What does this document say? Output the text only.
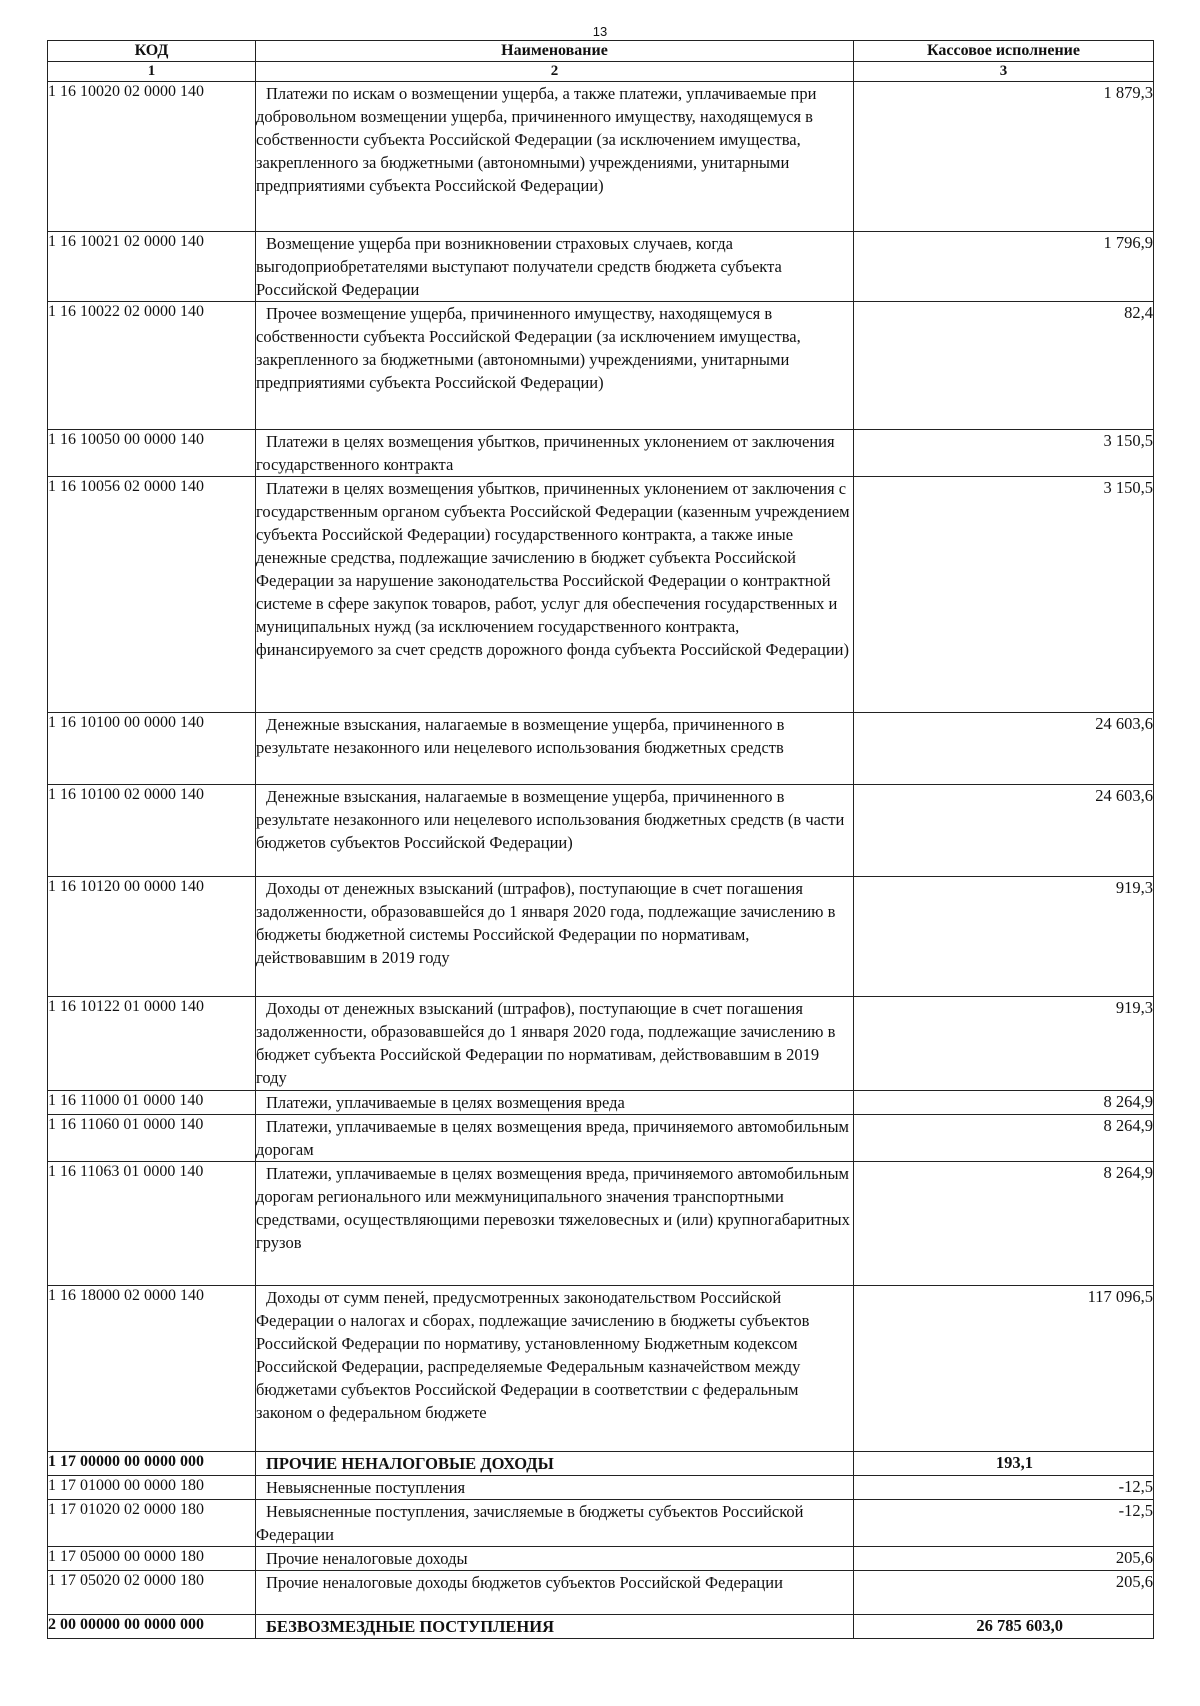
13
КОД	Наименование	Кассовое исполнение
1	2	3
1 16 10020 02 0000 140	Платежи по искам о возмещении ущерба, а также платежи, уплачиваемые при добровольном возмещении ущерба, причиненного имуществу, находящемуся в собственности субъекта Российской Федерации (за исключением имущества, закрепленного за бюджетными (автономными) учреждениями, унитарными предприятиями субъекта Российской Федерации)	1 879,3
1 16 10021 02 0000 140	Возмещение ущерба при возникновении страховых случаев, когда выгодоприобретателями выступают получатели средств бюджета субъекта Российской Федерации	1 796,9
1 16 10022 02 0000 140	Прочее возмещение ущерба, причиненного имуществу, находящемуся в собственности субъекта Российской Федерации (за исключением имущества, закрепленного за бюджетными (автономными) учреждениями, унитарными предприятиями субъекта Российской Федерации)	82,4
1 16 10050 00 0000 140	Платежи в целях возмещения убытков, причиненных уклонением от заключения государственного контракта	3 150,5
1 16 10056 02 0000 140	Платежи в целях возмещения убытков, причиненных уклонением от заключения с государственным органом субъекта Российской Федерации (казенным учреждением субъекта Российской Федерации) государственного контракта, а также иные денежные средства, подлежащие зачислению в бюджет субъекта Российской Федерации за нарушение законодательства Российской Федерации о контрактной системе в сфере закупок товаров, работ, услуг для обеспечения государственных и муниципальных нужд (за исключением государственного контракта, финансируемого за счет средств дорожного фонда субъекта Российской Федерации)	3 150,5
1 16 10100 00 0000 140	Денежные взыскания, налагаемые в возмещение ущерба, причиненного в результате незаконного или нецелевого использования бюджетных средств	24 603,6
1 16 10100 02 0000 140	Денежные взыскания, налагаемые в возмещение ущерба, причиненного в результате незаконного или нецелевого использования бюджетных средств (в части бюджетов субъектов Российской Федерации)	24 603,6
1 16 10120 00 0000 140	Доходы от денежных взысканий (штрафов), поступающие в счет погашения задолженности, образовавшейся до 1 января 2020 года, подлежащие зачислению в бюджеты бюджетной системы Российской Федерации по нормативам, действовавшим в 2019 году	919,3
1 16 10122 01 0000 140	Доходы от денежных взысканий (штрафов), поступающие в счет погашения задолженности, образовавшейся до 1 января 2020 года, подлежащие зачислению в бюджет субъекта Российской Федерации по нормативам, действовавшим в 2019 году	919,3
1 16 11000 01 0000 140	Платежи, уплачиваемые в целях возмещения вреда	8 264,9
1 16 11060 01 0000 140	Платежи, уплачиваемые в целях возмещения вреда, причиняемого автомобильным дорогам	8 264,9
1 16 11063 01 0000 140	Платежи, уплачиваемые в целях возмещения вреда, причиняемого автомобильным дорогам регионального или межмуниципального значения транспортными средствами, осуществляющими перевозки тяжеловесных и (или) крупногабаритных грузов	8 264,9
1 16 18000 02 0000 140	Доходы от сумм пеней, предусмотренных законодательством Российской Федерации о налогах и сборах, подлежащие зачислению в бюджеты субъектов Российской Федерации по нормативу, установленному Бюджетным кодексом Российской Федерации, распределяемые Федеральным казначейством между бюджетами субъектов Российской Федерации в соответствии с федеральным законом о федеральном бюджете	117 096,5
1 17 00000 00 0000 000	ПРОЧИЕ НЕНАЛОГОВЫЕ ДОХОДЫ	193,1
1 17 01000 00 0000 180	Невыясненные поступления	-12,5
1 17 01020 02 0000 180	Невыясненные поступления, зачисляемые в бюджеты субъектов Российской Федерации	-12,5
1 17 05000 00 0000 180	Прочие неналоговые доходы	205,6
1 17 05020 02 0000 180	Прочие неналоговые доходы бюджетов субъектов Российской Федерации	205,6
2 00 00000 00 0000 000	БЕЗВОЗМЕЗДНЫЕ ПОСТУПЛЕНИЯ	26 785 603,0
